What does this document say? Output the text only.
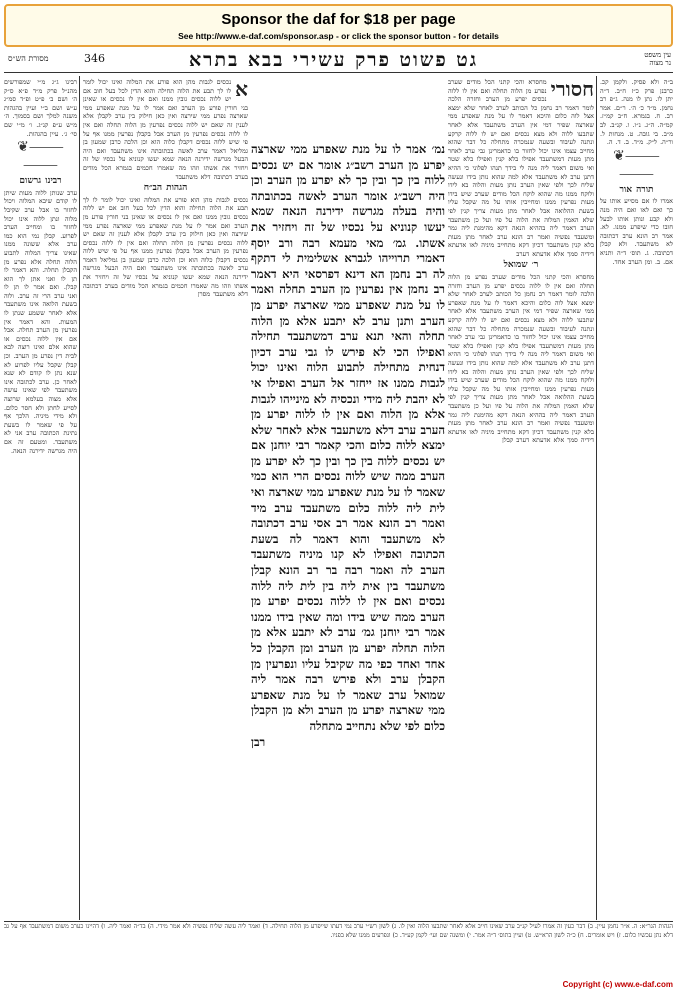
Sponsor the daf for $18 per page
See http://www.e-daf.com/sponsor.asp - or click the sponsor button - for details
מסורת הש״ס	346	גט פשוט פרק עשירי בבא בתרא	עין משפט
נר מצוה
ב״ה ולא פסיק. ולקמן קכ. כרבנן פרק כ״ז ח״ב. ד״ה יתן לו. נתן לו מנה. ג״פ רב נחמן. מ״ד כ׳ ה׳. ר״ם. אמר רב. ח. בגמרא. ח״ב קמ״ז. קמ״ה. ה״ג. נ״ו. ו. קנ״ב. לב מ״ב. בי גובה. ט. מנחות ל. ור״ה. ל״ק. מ״ד. ב. ד. ה.
⸻❦⸻
תורה אור
אמרו לו אם מסייע אותו על כך ואם לאו ואם היה מנה ולא קבע ונותן אותו לבעל חובו כדי שיפרע ממנו. לא. אמר רב הונא ערב דכתובה לא משתעבד. ולא קבלן דכתובה. ג. תוס׳ ד״ה ותניא אם. ב. ומן הערב אחד.
חסורי
מחסרא והכי קתני הכל מודים שערב נפרע מן הלוה תחלה ואם אין לו ללוה נכסים יפרע מן הערב וחזרה הלכה לומר דאמר רב נחמן כל הכותב לערב לאחר שלא ימצא אצל לוה כלום והיכא דאמר לו על מנת שאפרע ממי שארצה שפיר דמי אין הערב משתעבד אלא לאחר שתבעו ללוה ולא מצא נכסים ואם יש לו ללוה קרקע ונתנה לעיבוד ובשעה שנמכרה מתחלה כל דבר שהוא מחייב עצמו אינו יכול לחזור בו כדאמרינן גבי ערב לאחר מתן מעות דמשתעבד אפילו בלא קנין ואפילו בלא שטר ואי משום דאמר ליה מנה לי בידך תנהו לפלוני כי ההיא דתנן ערב לא משתעבד אלא למה שהוא נותן בידו ונעשה שליח לכך ולפי שאין הערב נותן מעות והלוה בא לידו ולוקח ממנו מה שהוא לוקח הכל מודים שערב שיש בידו מעות נפרעין ממנו ומחייבין אותו על מה שקבל עליו בשעת ההלואה אבל לאחר מתן מעות צריך קנין לפי שלא האמין המלוה את הלוה על פיו ועל כן משתעבד הערב דאמר ליה בההיא הנאה דקא מהימנת ליה גמר ומשעבד נפשיה ואמר רב הונא ערב לאחר מתן מעות בלא קנין משתעבד דכיון דקא מתחייב מיניה לאו אדעתא דידיה סמך אלא אדעתא דערב
ר׳ שמואל
מחסרא והכי קתני הכל מודים שערב נפרע מן הלוה תחלה ואם אין לו ללוה נכסים יפרע מן הערב וחזרה הלכה לומר דאמר רב נחמן כל הכותב לערב לאחר שלא ימצא אצל לוה כלום והיכא דאמר לו על מנת שאפרע ממי שארצה שפיר דמי אין הערב משתעבד אלא לאחר שתבעו ללוה ולא מצא נכסים ואם יש לו ללוה קרקע ונתנה לעיבוד ובשעה שנמכרה מתחלה כל דבר שהוא מחייב עצמו אינו יכול לחזור בו כדאמרינן גבי ערב לאחר מתן מעות דמשתעבד אפילו בלא קנין ואפילו בלא שטר ואי משום דאמר ליה מנה לי בידך תנהו לפלוני כי ההיא דתנן ערב לא משתעבד אלא למה שהוא נותן בידו ונעשה שליח לכך ולפי שאין הערב נותן מעות והלוה בא לידו ולוקח ממנו מה שהוא לוקח הכל מודים שערב שיש בידו מעות נפרעין ממנו ומחייבין אותו על מה שקבל עליו בשעת ההלואה אבל לאחר מתן מעות צריך קנין לפי שלא האמין המלוה את הלוה על פיו ועל כן משתעבד הערב דאמר ליה בההיא הנאה דקא מהימנת ליה גמר ומשעבד נפשיה ואמר רב הונא ערב לאחר מתן מעות בלא קנין משתעבד דכיון דקא מתחייב מיניה לאו אדעתא דידיה סמך אלא אדעתא דערב קבלן
נמ׳ אמר לו על מנת שאפרע ממי שארצה יפרע מן הערב רשב״ג אומר אם יש נכסים ללוה בין כך ובין כך לא יפרע מן הערב וכן היה רשב״ג אומר הערב לאשה בכתובתה והיה בעלה מגרשה ידירנה הנאה שמא יעשו קנוניא על נכסיו של זה ויחזיר את אשתו. גמ׳ מאי מעמא רבה ורב יוסף דאמרי תרוייהו לגברא אשלימית לי דתקף לה רב נחמן הא דינא דפרסאי היא דאמר רב נחמן אין נפרעין מן הערב תחלה ואמר לו על מנת שאפרע ממי שארצה יפרע מן הערב ותנן ערב לא יתבע אלא מן הלוה תחלה והאי תנא ערב דמשתעבד תחילה ואפילו הכי לא פירש לו גבי ערב דכיון דנחית מתחילה לתבוע הלוה ואינו יכול לגבות ממנו אז ייחזר אל הערב ואפילו אי לא יהבת ליה מידי ונכסיה לא מינייהו לגבות אלא מן הלוה ואם אין לו ללוה יפרע מן הערב ערב דלא משתעבד אלא לאחר שלא ימצא ללוה כלום והכי קאמר רבי יוחנן אם יש נכסים ללוה בין כך ובין כך לא יפרע מן הערב ממה שיש ללוה נכסים הרי הוא כמי שאמר לו על מנת שאפרע ממי שארצה ואי לית ליה ללוה כלום משתעבד ערב מיד ואמר רב הונא אמר רב אסי ערב דכתובה לא משתעבד והוא דאמר לה בשעת הכתובה ואפילו לא קנו מיניה משתעבד הערב לה ואמר רבה בר רב הונא קבלן משתעבד בין אית ליה בין לית ליה ללוה נכסים ואם אין לו ללוה נכסים יפרע מן הערב ממה שיש בידו ומה שאין בידו ממנו אמר רבי יוחנן גמ׳ ערב לא יתבע אלא מן הלוה תחלה יפרע מן הערב ומן הקבלן כל אחד ואחד כפי מה שקיבל עליו ונפרעין מן הקבלן ערב ולא פירש רבה אמר ליה שמואל ערב שאמר לו על מנת שאפרע ממי שארצה יפרע מן הערב ולא מן הקבלן כלום לפי שלא נתחייב מתחלה
רבן
א
נכסים לגבות מהן הוא פורע את המלוה ואינו יכול לומר לו לך תבע את הלוה תחילה והוא הדין לכל בעל חוב אם יש ללוה נכסים גובין ממנו ואם אין לו נכסים או שאינן בני חורין פורע מן הערב ואם אמר לו על מנת שאפרע ממי שארצה נפרע ממי שירצה ואין כאן חילוק בין ערב לקבלן אלא לענין זה שאם יש ללוה נכסים נפרעין מן הלוה תחלה ואם אין לו ללוה נכסים נפרעין מן הערב אבל בקבלן נפרעין ממנו אף על פי שיש ללוה נכסים דקבלן כלוה הוא וכן הלכה כרבן שמעון בן גמליאל דאמר ערב לאשה בכתובתה אינו משתעבד ואם היה הבעל מגרשה ידירנה הנאה שמא יעשו קנוניא על נכסיו של זה ויחזיר את אשתו וזהו מה שאמרו חכמים בגמרא הכל מודים בערב דכתובה דלא משתעבד
הגהות הב״ח
נכסים לגבות מהן הוא פורע את המלוה ואינו יכול לומר לו לך תבע את הלוה תחילה והוא הדין לכל בעל חוב אם יש ללוה נכסים גובין ממנו ואם אין לו נכסים או שאינן בני חורין פורע מן הערב ואם אמר לו על מנת שאפרע ממי שארצה נפרע ממי שירצה ואין כאן חילוק בין ערב לקבלן אלא לענין זה שאם יש ללוה נכסים נפרעין מן הלוה תחלה ואם אין לו ללוה נכסים נפרעין מן הערב אבל בקבלן נפרעין ממנו אף על פי שיש ללוה נכסים דקבלן כלוה הוא וכן הלכה כרבן שמעון בן גמליאל דאמר ערב לאשה בכתובתה אינו משתעבד ואם היה הבעל מגרשה ידירנה הנאה שמא יעשו קנוניא על נכסיו של זה ויחזיר את אשתו וזהו מה שאמרו חכמים בגמרא הכל מודים בערב דכתובה דלא משתעבד מסרן
רבינו ג״ג מ״י שמפורשים מהנ״ל פרק מ״ד פ״א ס״ק ה׳ ושם ב׳ פ״ט ופ״ד סמ״ג ע״ש ושם ב״י ועיין בהגהות משנה למלך ושם בסמוך. ה׳ מ״ש ע״פ קנ״ג. ו׳ מ״י שם סי׳ ג׳. עיין בהגהות.
⸻❦⸻
רבינו גרשום
ערב שנותן ללוה מעות שיתן לו קודם שיבא המלוה ויכול לחזור בו אבל ערב שקיבל מלוה ונתן ללוה אינו יכול לחזור בו ומחייב הערב לפרוע. קבלן נמי הוא כמו ערב אלא ששונה ממנו שאינו צריך המלוה לתבוע הלוה תחלה אלא נפרע מן הקבלן תחלה. והא דאמר לו תן לו ואני אתן לך הוא קבלן. ואם אמר לו תן לו ואני ערב הרי זה ערב. ולוה בשעת הלואה אינו משתעבד אלא לאחר ששמע שנתן לו המעות. והא דאמר אין נפרעין מן הערב תחלה. אבל אם אין ללוה נכסים או שהוא אלם ואינו רוצה לבא לבית דין נפרע מן הערב. וכן קבלן שקבל עליו לפרוע לא שנא נתן לו קודם לא שנא לאחר כן. ערב לכתובה אינו משתעבד לפי שאינו עושה אלא מצוה בעלמא שרוצה לסייע לחתן ולא חסר כלום. ולא מידי מיניה. הלכך אף על פי שאמר לו בשעת נתינת הכתובה ערב אני לא משתעבד. ומטעם זה אם היה מגרשה ידירנה הנאה.
הגהות הגר״א: ה. א״ר נחמן עיין. ב) דבר כעין זה אמרו לעיל קנ״ב ערב שאינו חייב אלא לאחר שתבעו הלוה ואין לו. ג) לשון רש״י ערב נמי דעתו שייפרע מן הלוה תחילה. ד) ואמר ליה עשה שליח נפשיה ולא אמר מידי. ה) בד״ה ואמר ליה. ו) דהיינו כערב משום דמשתעבד אף על גב דלא נתן עכשיו כלום. ז) ויש אומרים. ח) כ״ה לשון הרא״ש. ט) ועיין בתוס׳ ד״ה אמר. י) ומשנה שם ועי׳ לקמן קע״ד. כ) ונפרעים ממנו שלא בפניו.
Copyright (c) www.e-daf.com
